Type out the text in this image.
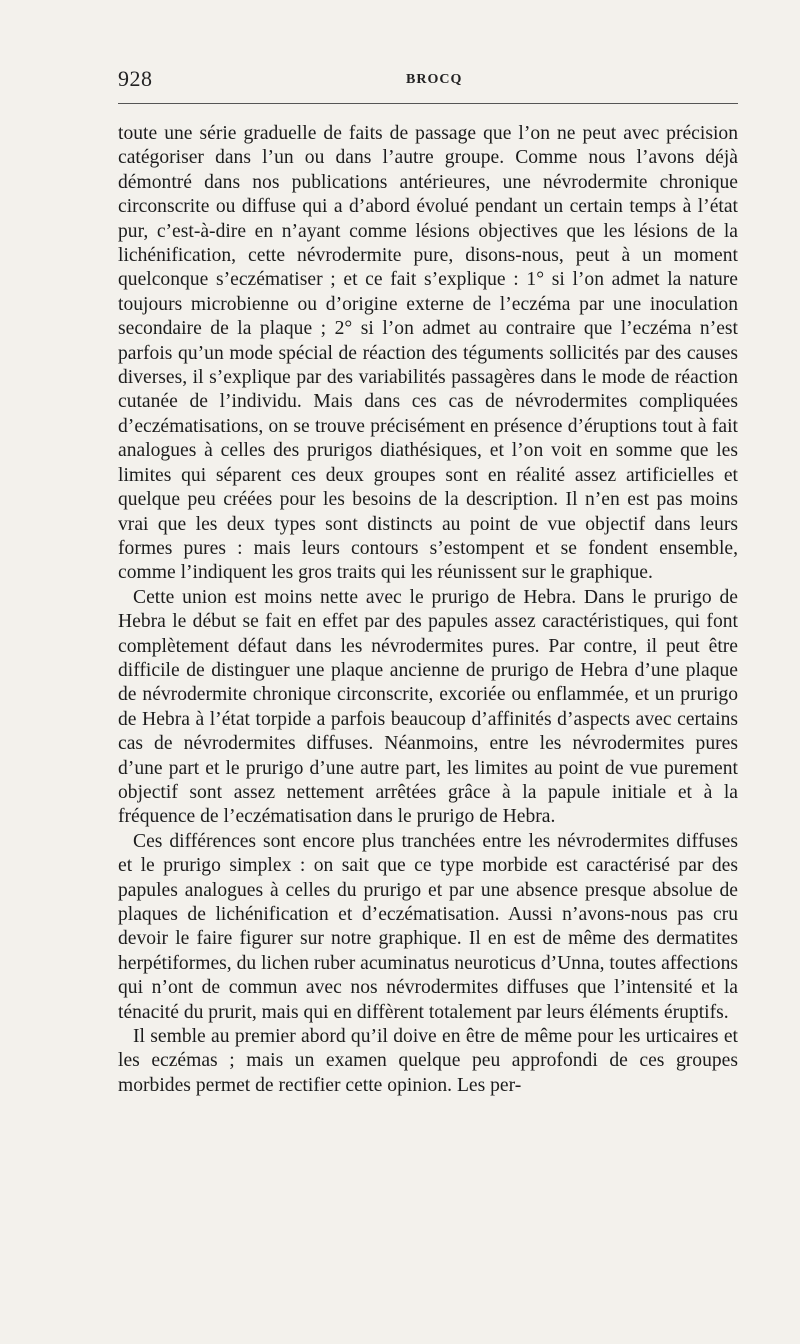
928	BROCQ

toute une série graduelle de faits de passage que l’on ne peut avec précision catégoriser dans l’un ou dans l’autre groupe. Comme nous l’avons déjà démontré dans nos publications antérieures, une névrodermite chronique circonscrite ou diffuse qui a d’abord évolué pendant un certain temps à l’état pur, c’est-à-dire en n’ayant comme lésions objectives que les lésions de la lichénification, cette névrodermite pure, disons-nous, peut à un moment quelconque s’eczématiser ; et ce fait s’explique : 1° si l’on admet la nature toujours microbienne ou d’origine externe de l’eczéma par une inoculation secondaire de la plaque ; 2° si l’on admet au contraire que l’eczéma n’est parfois qu’un mode spécial de réaction des téguments sollicités par des causes diverses, il s’explique par des variabilités passagères dans le mode de réaction cutanée de l’individu. Mais dans ces cas de névrodermites compliquées d’eczématisations, on se trouve précisément en présence d’éruptions tout à fait analogues à celles des prurigos diathésiques, et l’on voit en somme que les limites qui séparent ces deux groupes sont en réalité assez artificielles et quelque peu créées pour les besoins de la description. Il n’en est pas moins vrai que les deux types sont distincts au point de vue objectif dans leurs formes pures : mais leurs contours s’estompent et se fondent ensemble, comme l’indiquent les gros traits qui les réunissent sur le graphique.

Cette union est moins nette avec le prurigo de Hebra. Dans le prurigo de Hebra le début se fait en effet par des papules assez caractéristiques, qui font complètement défaut dans les névrodermites pures. Par contre, il peut être difficile de distinguer une plaque ancienne de prurigo de Hebra d’une plaque de névrodermite chronique circonscrite, excoriée ou enflammée, et un prurigo de Hebra à l’état torpide a parfois beaucoup d’affinités d’aspects avec certains cas de névrodermites diffuses. Néanmoins, entre les névrodermites pures d’une part et le prurigo d’une autre part, les limites au point de vue purement objectif sont assez nettement arrêtées grâce à la papule initiale et à la fréquence de l’eczématisation dans le prurigo de Hebra.

Ces différences sont encore plus tranchées entre les névrodermites diffuses et le prurigo simplex : on sait que ce type morbide est caractérisé par des papules analogues à celles du prurigo et par une absence presque absolue de plaques de lichénification et d’eczématisation. Aussi n’avons-nous pas cru devoir le faire figurer sur notre graphique. Il en est de même des dermatites herpétiformes, du lichen ruber acuminatus neuroticus d’Unna, toutes affections qui n’ont de commun avec nos névrodermites diffuses que l’intensité et la ténacité du prurit, mais qui en diffèrent totalement par leurs éléments éruptifs.

Il semble au premier abord qu’il doive en être de même pour les urticaires et les eczémas ; mais un examen quelque peu approfondi de ces groupes morbides permet de rectifier cette opinion. Les per-
